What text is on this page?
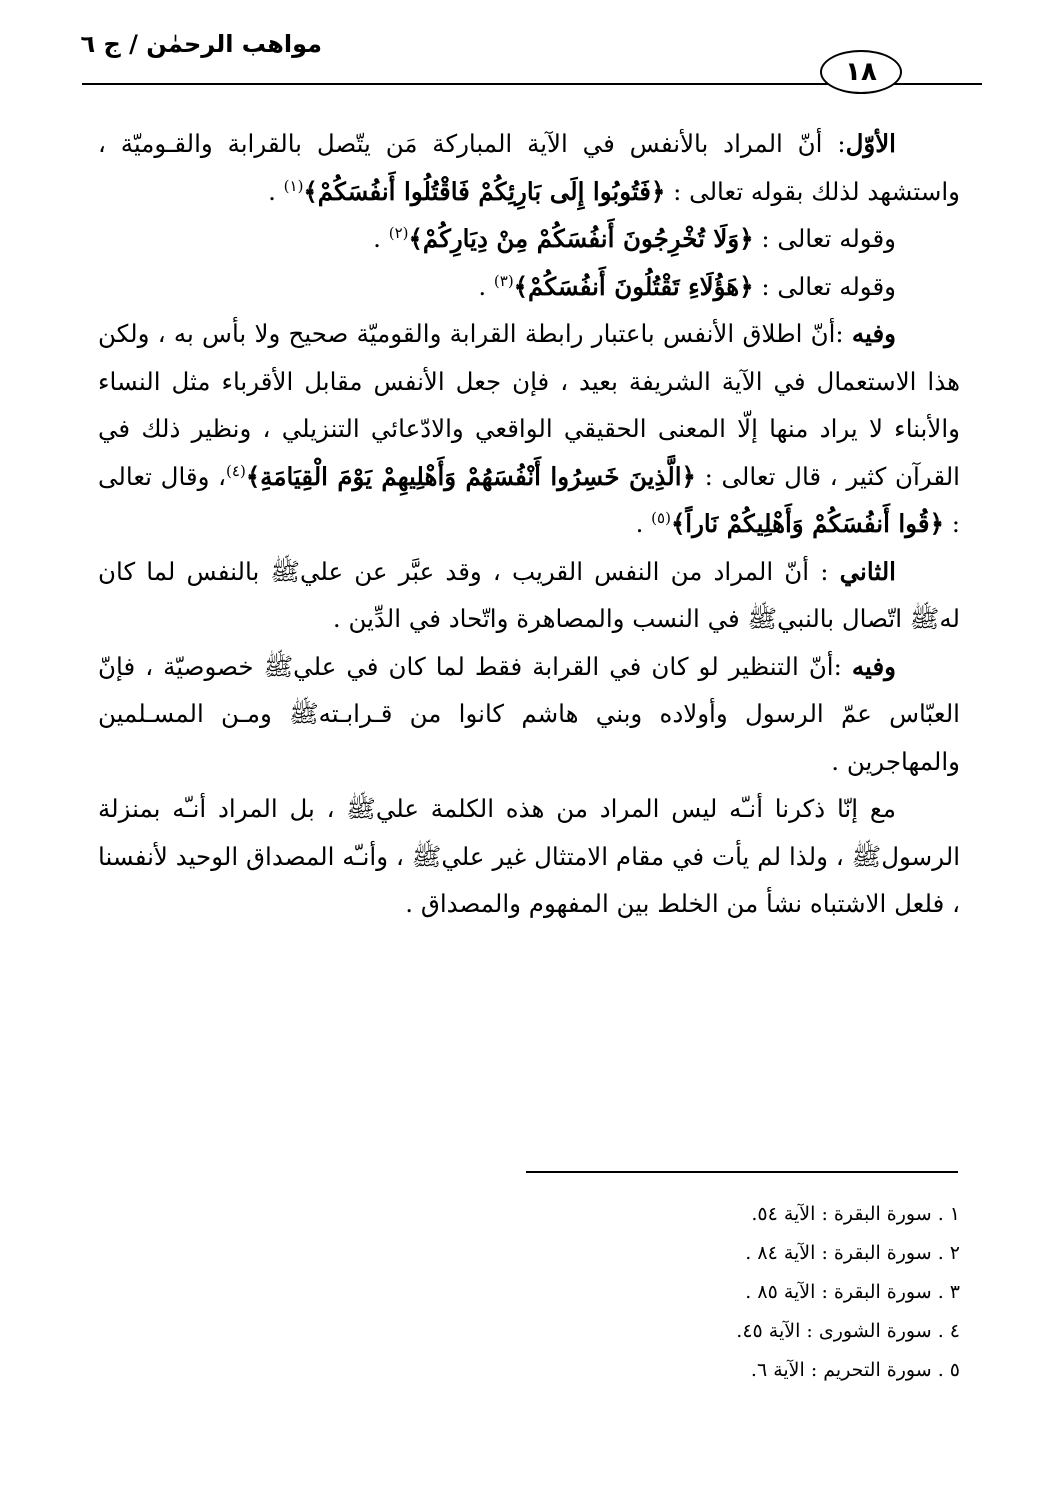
مواهب الرحمٰن / ج ٦
١٨

الأوّل: أنّ المراد بالأنفس في الآية المباركة مَن يتّصل بالقرابة والقـوميّة ، واستشهد لذلك بقوله تعالى : ﴿فَتُوبُوا إِلَى بَارِئِكُمْ فَاقْتُلُوا أَنفُسَكُمْ﴾$^{(١)}$ .

وقوله تعالى : ﴿وَلَا تُخْرِجُونَ أَنفُسَكُمْ مِنْ دِيَارِكُمْ﴾$^{(٢)}$ .

وقوله تعالى : ﴿هَؤُلَاءِ تَقْتُلُونَ أَنفُسَكُمْ﴾$^{(٣)}$ .

وفيه :أنّ اطلاق الأنفس باعتبار رابطة القرابة والقوميّة صحيح ولا بأس به ، ولكن هذا الاستعمال في الآية الشريفة بعيد ، فإن جعل الأنفس مقابل الأقرباء مثل النساء والأبناء لا يراد منها إلّا المعنى الحقيقي الواقعي والادّعائي التنزيلي ، ونظير ذلك في القرآن كثير ، قال تعالى : ﴿الَّذِينَ خَسِرُوا أَنْفُسَهُمْ وَأَهْلِيهِمْ يَوْمَ الْقِيَامَةِ﴾$^{(٤)}$، وقال تعالى : ﴿قُوا أَنفُسَكُمْ وَأَهْلِيكُمْ نَاراً﴾$^{(٥)}$ .

الثاني : أنّ المراد من النفس القريب ، وقد عبَّر عن عليﷺ بالنفس لما كان لهﷺ اتّصال بالنبيﷺ في النسب والمصاهرة واتّحاد في الدِّين .

وفيه :أنّ التنظير لو كان في القرابة فقط لما كان في عليﷺ خصوصيّة ، فإنّ العبّاس عمّ الرسول وأولاده وبني هاشم كانوا من قـرابـتهﷺ ومـن المسـلمين والمهاجرين .

مع إنّا ذكرنا أنـّه ليس المراد من هذه الكلمة عليﷺ ، بل المراد أنـّه بمنزلة الرسولﷺ ، ولذا لم يأت في مقام الامتثال غير عليﷺ ، وأنـّه المصداق الوحيد لأنفسنا ، فلعل الاشتباه نشأ من الخلط بين المفهوم والمصداق .

١ . سورة البقرة : الآية ٥٤.
٢ . سورة البقرة : الآية ٨٤ .
٣ . سورة البقرة : الآية ٨٥ .
٤ . سورة الشورى : الآية ٤٥.
٥ . سورة التحريم : الآية ٦.
